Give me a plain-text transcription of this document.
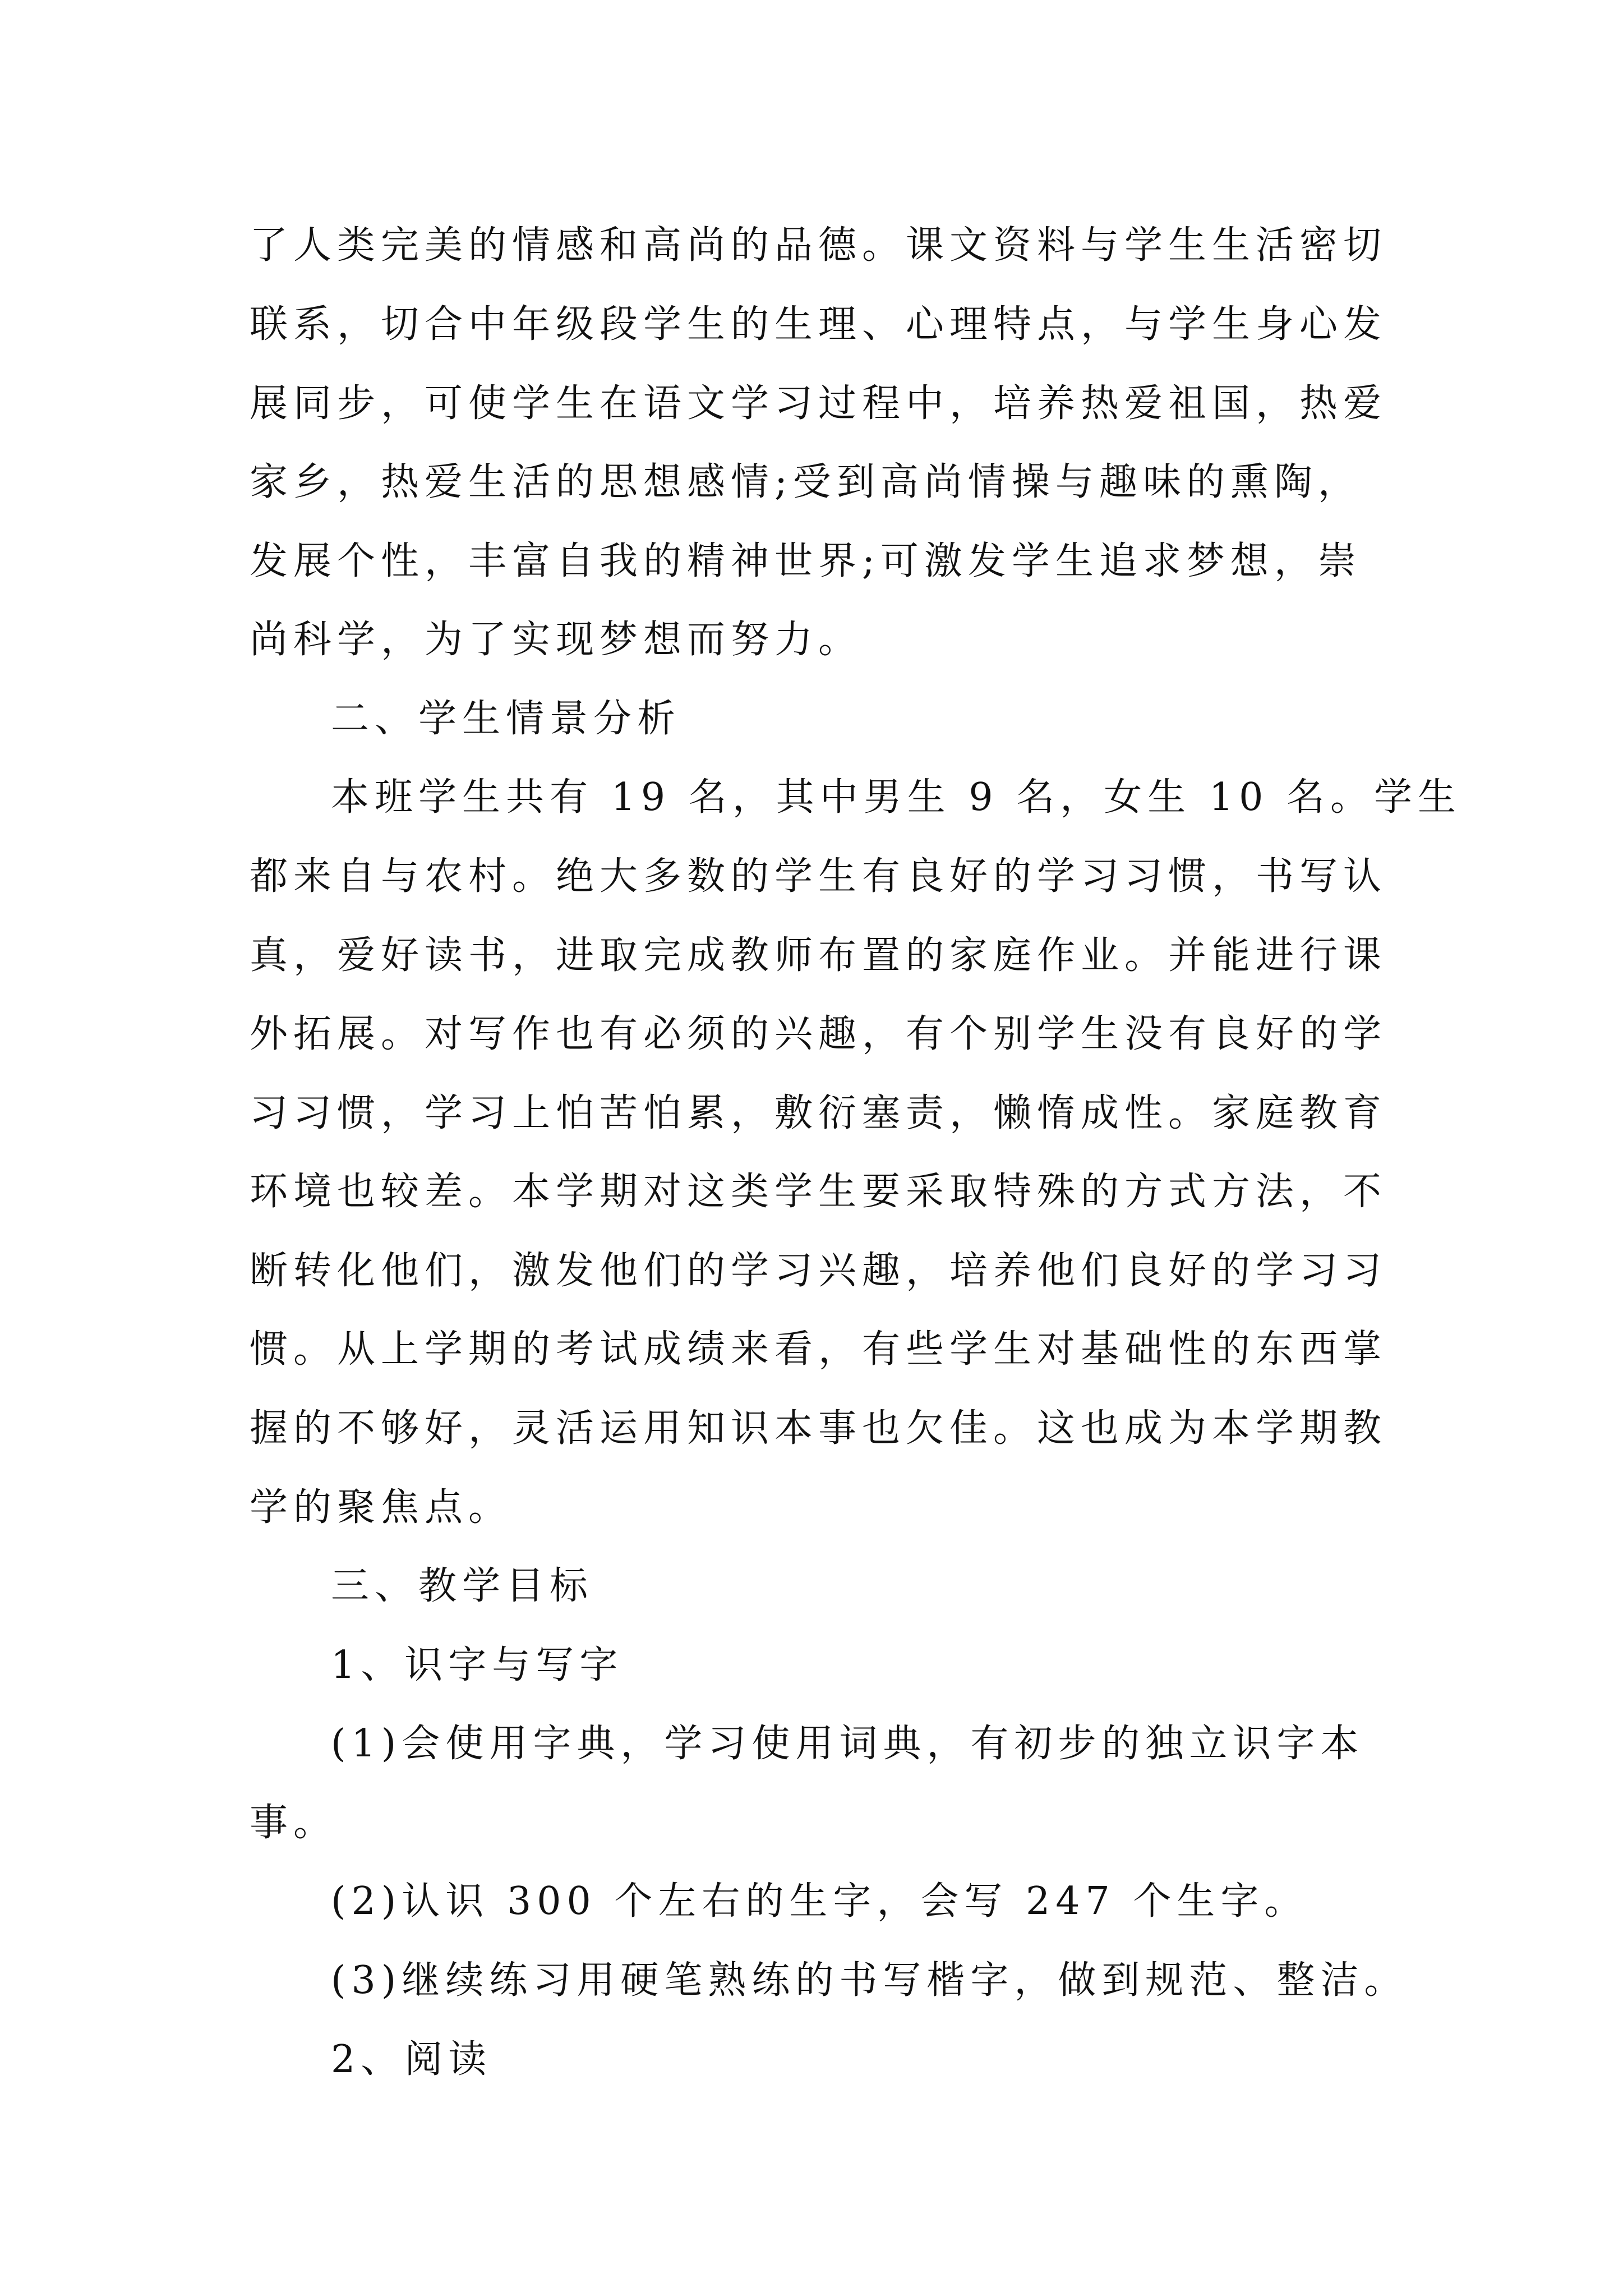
了人类完美的情感和高尚的品德。课文资料与学生生活密切
联系，切合中年级段学生的生理、心理特点，与学生身心发
展同步，可使学生在语文学习过程中，培养热爱祖国，热爱
家乡，热爱生活的思想感情;受到高尚情操与趣味的熏陶，
发展个性，丰富自我的精神世界;可激发学生追求梦想，崇
尚科学，为了实现梦想而努力。
二、学生情景分析
本班学生共有 19 名，其中男生 9 名，女生 10 名。学生
都来自与农村。绝大多数的学生有良好的学习习惯，书写认
真，爱好读书，进取完成教师布置的家庭作业。并能进行课
外拓展。对写作也有必须的兴趣，有个别学生没有良好的学
习习惯，学习上怕苦怕累，敷衍塞责，懒惰成性。家庭教育
环境也较差。本学期对这类学生要采取特殊的方式方法，不
断转化他们，激发他们的学习兴趣，培养他们良好的学习习
惯。从上学期的考试成绩来看，有些学生对基础性的东西掌
握的不够好，灵活运用知识本事也欠佳。这也成为本学期教
学的聚焦点。
三、教学目标
1、识字与写字
(1)会使用字典，学习使用词典，有初步的独立识字本
事。
(2)认识 300 个左右的生字，会写 247 个生字。
(3)继续练习用硬笔熟练的书写楷字，做到规范、整洁。
2、阅读
